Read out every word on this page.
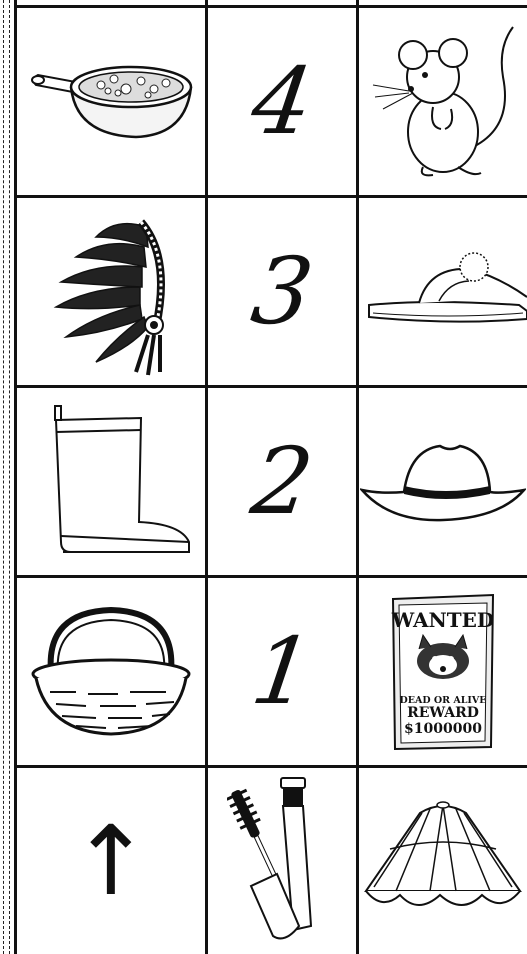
4
3
2
1	WANTED
DEAD OR ALIVE
REWARD
$1000000
↑
